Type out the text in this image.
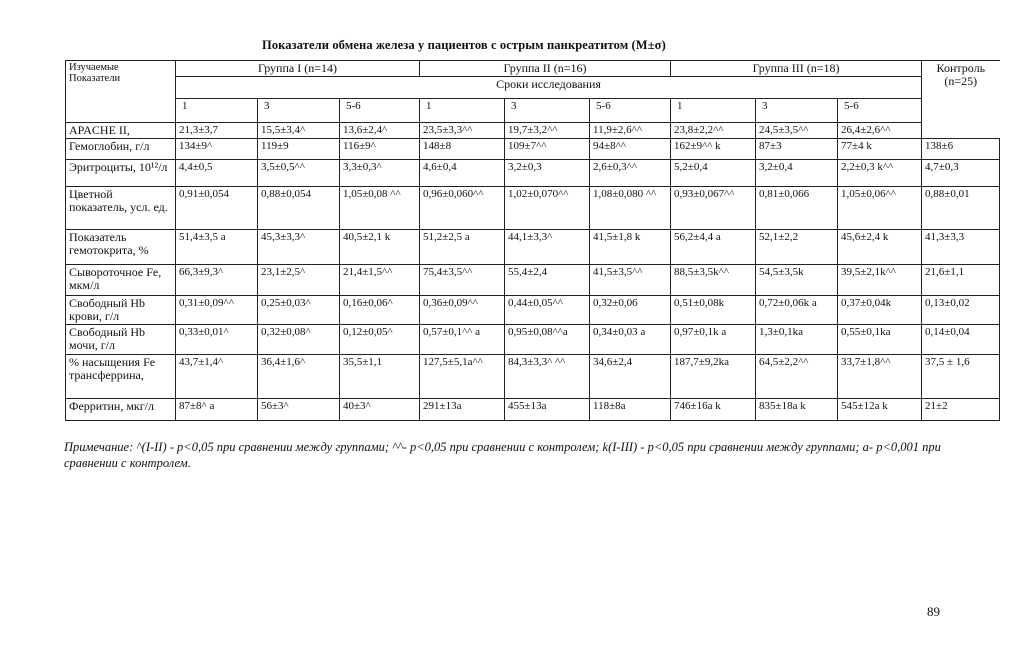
Показатели обмена железа у пациентов с острым панкреатитом (M±σ)
Изучаемые Показатели	Группа I (n=14)			Группа II (n=16)			Группа III (n=18)			Контроль (n=25)
	Сроки исследования									
	1	3	5-6	1	3	5-6	1	3	5-6	
APACHE II,	21,3±3,7	15,5±3,4^	13,6±2,4^	23,5±3,3^^	19,7±3,2^^	11,9±2,6^^	23,8±2,2^^	24,5±3,5^^	26,4±2,6^^	
Гемоглобин, г/л	134±9^	119±9	116±9^	148±8	109±7^^	94±8^^	162±9^^ k	87±3	77±4 k	138±6
Эритроциты, 10¹²/л	4,4±0,5	3,5±0,5^^	3,3±0,3^	4,6±0,4	3,2±0,3	2,6±0,3^^	5,2±0,4	3,2±0,4	2,2±0,3 k^^	4,7±0,3
Цветной показатель, усл. ед.	0,91±0,054	0,88±0,054	1,05±0,08 ^^	0,96±0,060^^	1,02±0,070^^	1,08±0,080 ^^	0,93±0,067^^	0,81±0,066	1,05±0,06^^	0,88±0,01
Показатель гемотокрита, %	51,4±3,5 a	45,3±3,3^	40,5±2,1 k	51,2±2,5 a	44,1±3,3^	41,5±1,8 k	56,2±4,4 a	52,1±2,2	45,6±2,4 k	41,3±3,3
Сывороточное Fe, мкм/л	66,3±9,3^	23,1±2,5^	21,4±1,5^^	75,4±3,5^^	55,4±2,4	41,5±3,5^^	88,5±3,5k^^	54,5±3,5k	39,5±2,1k^^	21,6±1,1
Свободный Hb крови, г/л	0,31±0,09^^	0,25±0,03^	0,16±0,06^	0,36±0,09^^	0,44±0,05^^	0,32±0,06	0,51±0,08k	0,72±0,06k a	0,37±0,04k	0,13±0,02
Свободный Hb мочи, г/л	0,33±0,01^	0,32±0,08^	0,12±0,05^	0,57±0,1^^ a	0,95±0,08^^a	0,34±0,03 a	0,97±0,1k a	1,3±0,1ka	0,55±0,1ka	0,14±0,04
% насыщения Fe трансферрина,	43,7±1,4^	36,4±1,6^	35,5±1,1	127,5±5,1a^^	84,3±3,3^ ^^	34,6±2,4	187,7±9,2ka	64,5±2,2^^	33,7±1,8^^	37,5 ± 1,6
Ферритин, мкг/л	87±8^ a	56±3^	40±3^	291±13a	455±13a	118±8a	746±16a k	835±18a k	545±12a k	21±2
Примечание: ^(I-II) - p<0,05 при сравнении между группами; ^^- p<0,05 при сравнении с контролем; k(I-III) - p<0,05 при сравнении между группами; a- p<0,001 при сравнении с контролем.
89
